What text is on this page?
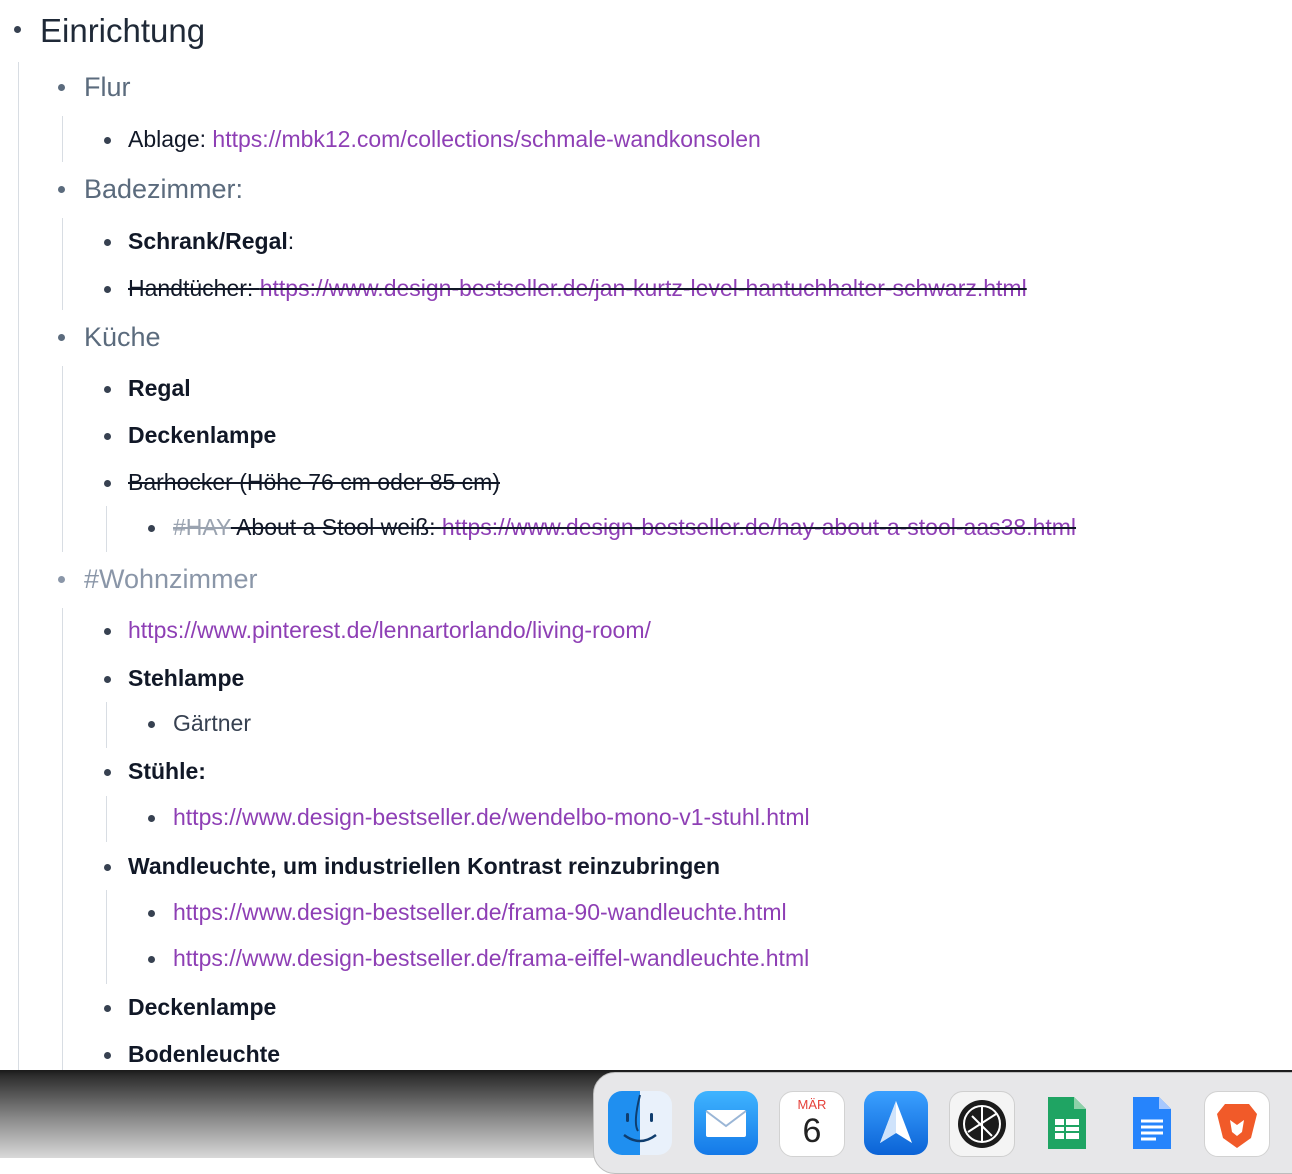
Einrichtung
Flur
Ablage: https://mbk12.com/collections/schmale-wandkonsolen
Badezimmer:
Schrank/Regal:
Handtücher: https://www.design-bestseller.de/jan-kurtz-level-hantuchhalter-schwarz.html
Küche
Regal
Deckenlampe
Barhocker (Höhe 76 cm oder 85 cm)
#HAY About a Stool weiß: https://www.design-bestseller.de/hay-about-a-stool-aas38.html
#Wohnzimmer
https://www.pinterest.de/lennartorlando/living-room/
Stehlampe
Gärtner
Stühle:
https://www.design-bestseller.de/wendelbo-mono-v1-stuhl.html
Wandleuchte, um industriellen Kontrast reinzubringen
https://www.design-bestseller.de/frama-90-wandleuchte.html
https://www.design-bestseller.de/frama-eiffel-wandleuchte.html
Deckenlampe
Bodenleuchte
MÄR
6
